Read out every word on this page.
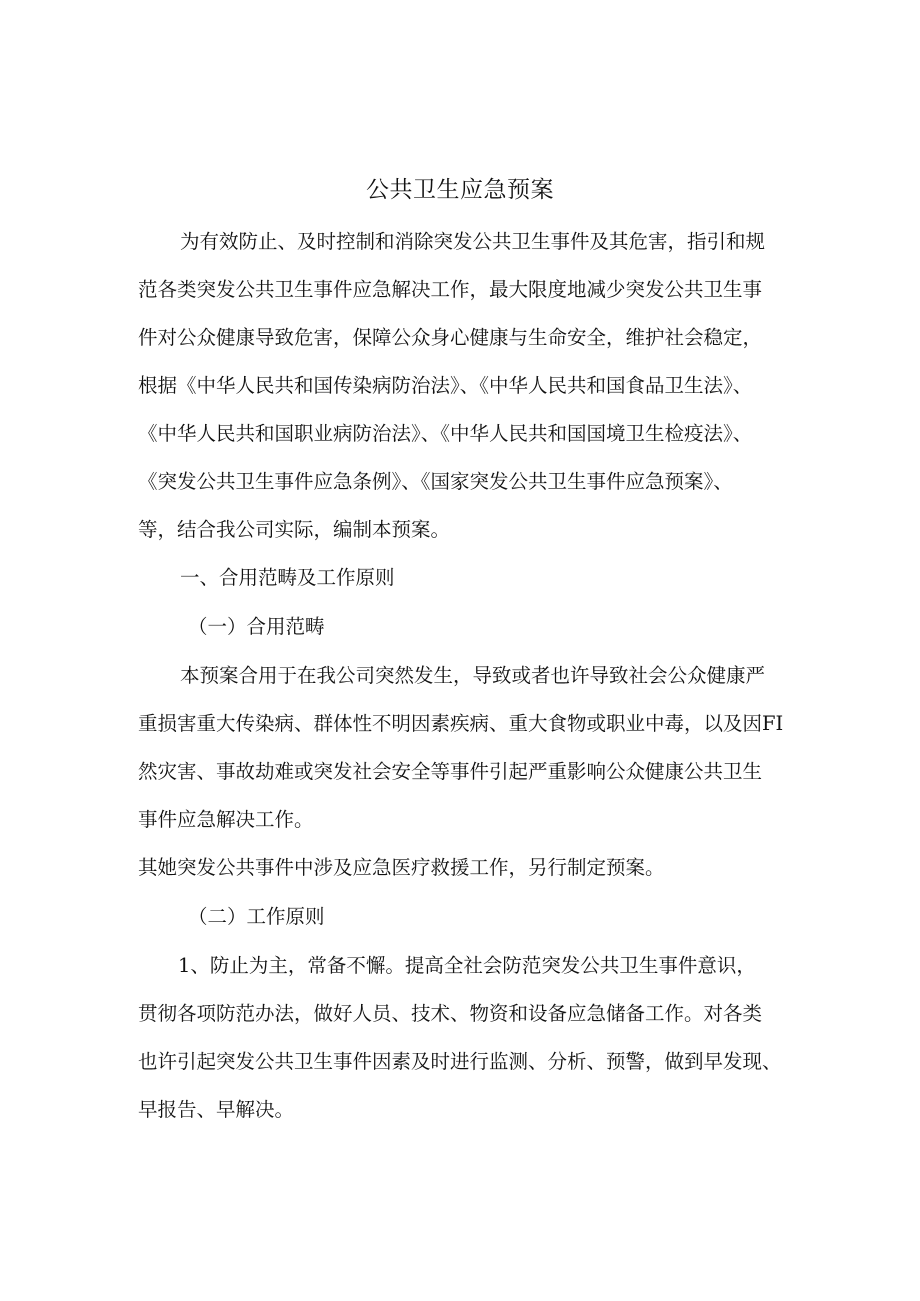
公共卫生应急预案
为有效防止、及时控制和消除突发公共卫生事件及其危害，指引和规
范各类突发公共卫生事件应急解决工作，最大限度地减少突发公共卫生事
件对公众健康导致危害，保障公众身心健康与生命安全，维护社会稳定，
根据《中华人民共和国传染病防治法》、《中华人民共和国食品卫生法》、
《中华人民共和国职业病防治法》、《中华人民共和国国境卫生检疫法》、
《突发公共卫生事件应急条例》、《国家突发公共卫生事件应急预案》、
等，结合我公司实际，编制本预案。
一、合用范畴及工作原则
（一）合用范畴
本预案合用于在我公司突然发生，导致或者也许导致社会公众健康严
重损害重大传染病、群体性不明因素疾病、重大食物或职业中毒，以及因FI
然灾害、事故劫难或突发社会安全等事件引起严重影响公众健康公共卫生
事件应急解决工作。
其她突发公共事件中涉及应急医疗救援工作，另行制定预案。
（二）工作原则
1、防止为主，常备不懈。提高全社会防范突发公共卫生事件意识，
贯彻各项防范办法，做好人员、技术、物资和设备应急储备工作。对各类
也许引起突发公共卫生事件因素及时进行监测、分析、预警，做到早发现、
早报告、早解决。
